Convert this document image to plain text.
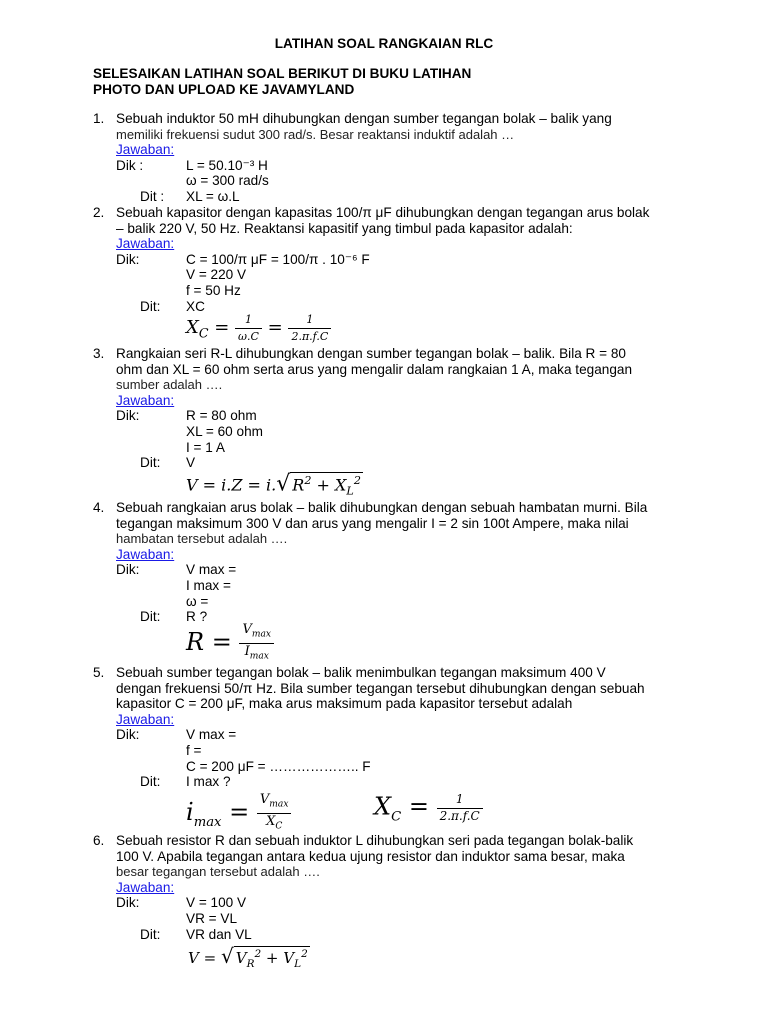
LATIHAN SOAL RANGKAIAN RLC
SELESAIKAN LATIHAN SOAL BERIKUT DI BUKU LATIHAN
PHOTO DAN UPLOAD KE JAVAMYLAND
1. Sebuah induktor 50 mH dihubungkan dengan sumber tegangan bolak – balik yang
memiliki frekuensi sudut 300 rad/s. Besar reaktansi induktif adalah …
Jawaban:
Dik :	L = 50.10⁻³ H
ω = 300 rad/s
Dit : XL = ω.L
2. Sebuah kapasitor dengan kapasitas 100/π μF dihubungkan dengan tegangan arus bolak
– balik 220 V, 50 Hz. Reaktansi kapasitif yang timbul pada kapasitor adalah:
Jawaban:
Dik:	C = 100/π μF = 100/π . 10⁻⁶ F
V = 220 V
f = 50 Hz
Dit: XC
$X_C = \frac{1}{\omega.C} = \frac{1}{2.\pi.f.C}$
3. Rangkaian seri R-L dihubungkan dengan sumber tegangan bolak – balik. Bila R = 80
ohm dan XL = 60 ohm serta arus yang mengalir dalam rangkaian 1 A, maka tegangan
sumber adalah ….
Jawaban:
Dik:	R = 80 ohm
XL = 60 ohm
I = 1 A
Dit: V
V = i.Z = i.√ $R^2 + X_L^2$
4. Sebuah rangkaian arus bolak – balik dihubungkan dengan sebuah hambatan murni. Bila
tegangan maksimum 300 V dan arus yang mengalir I = 2 sin 100t Ampere, maka nilai
hambatan tersebut adalah ….
Jawaban:
Dik:	V max =
I max =
ω =
Dit: R ?
$R = \frac{V_{max}}{I_{max}}$
5. Sebuah sumber tegangan bolak – balik menimbulkan tegangan maksimum 400 V
dengan frekuensi 50/π Hz. Bila sumber tegangan tersebut dihubungkan dengan sebuah
kapasitor C = 200 μF, maka arus maksimum pada kapasitor tersebut adalah
Jawaban:
Dik:	V max =
f =
C = 200 μF = ……………….. F
Dit: I max ?
$i_{max} = \frac{V_{max}}{X_C}$	$X_C = \frac{1}{2.\pi.f.C}$
6. Sebuah resistor R dan sebuah induktor L dihubungkan seri pada tegangan bolak-balik
100 V. Apabila tegangan antara kedua ujung resistor dan induktor sama besar, maka
besar tegangan tersebut adalah ….
Jawaban:
Dik:	V = 100 V
VR = VL
Dit: VR dan VL
V = √ $V_R^2 + V_L^2$
